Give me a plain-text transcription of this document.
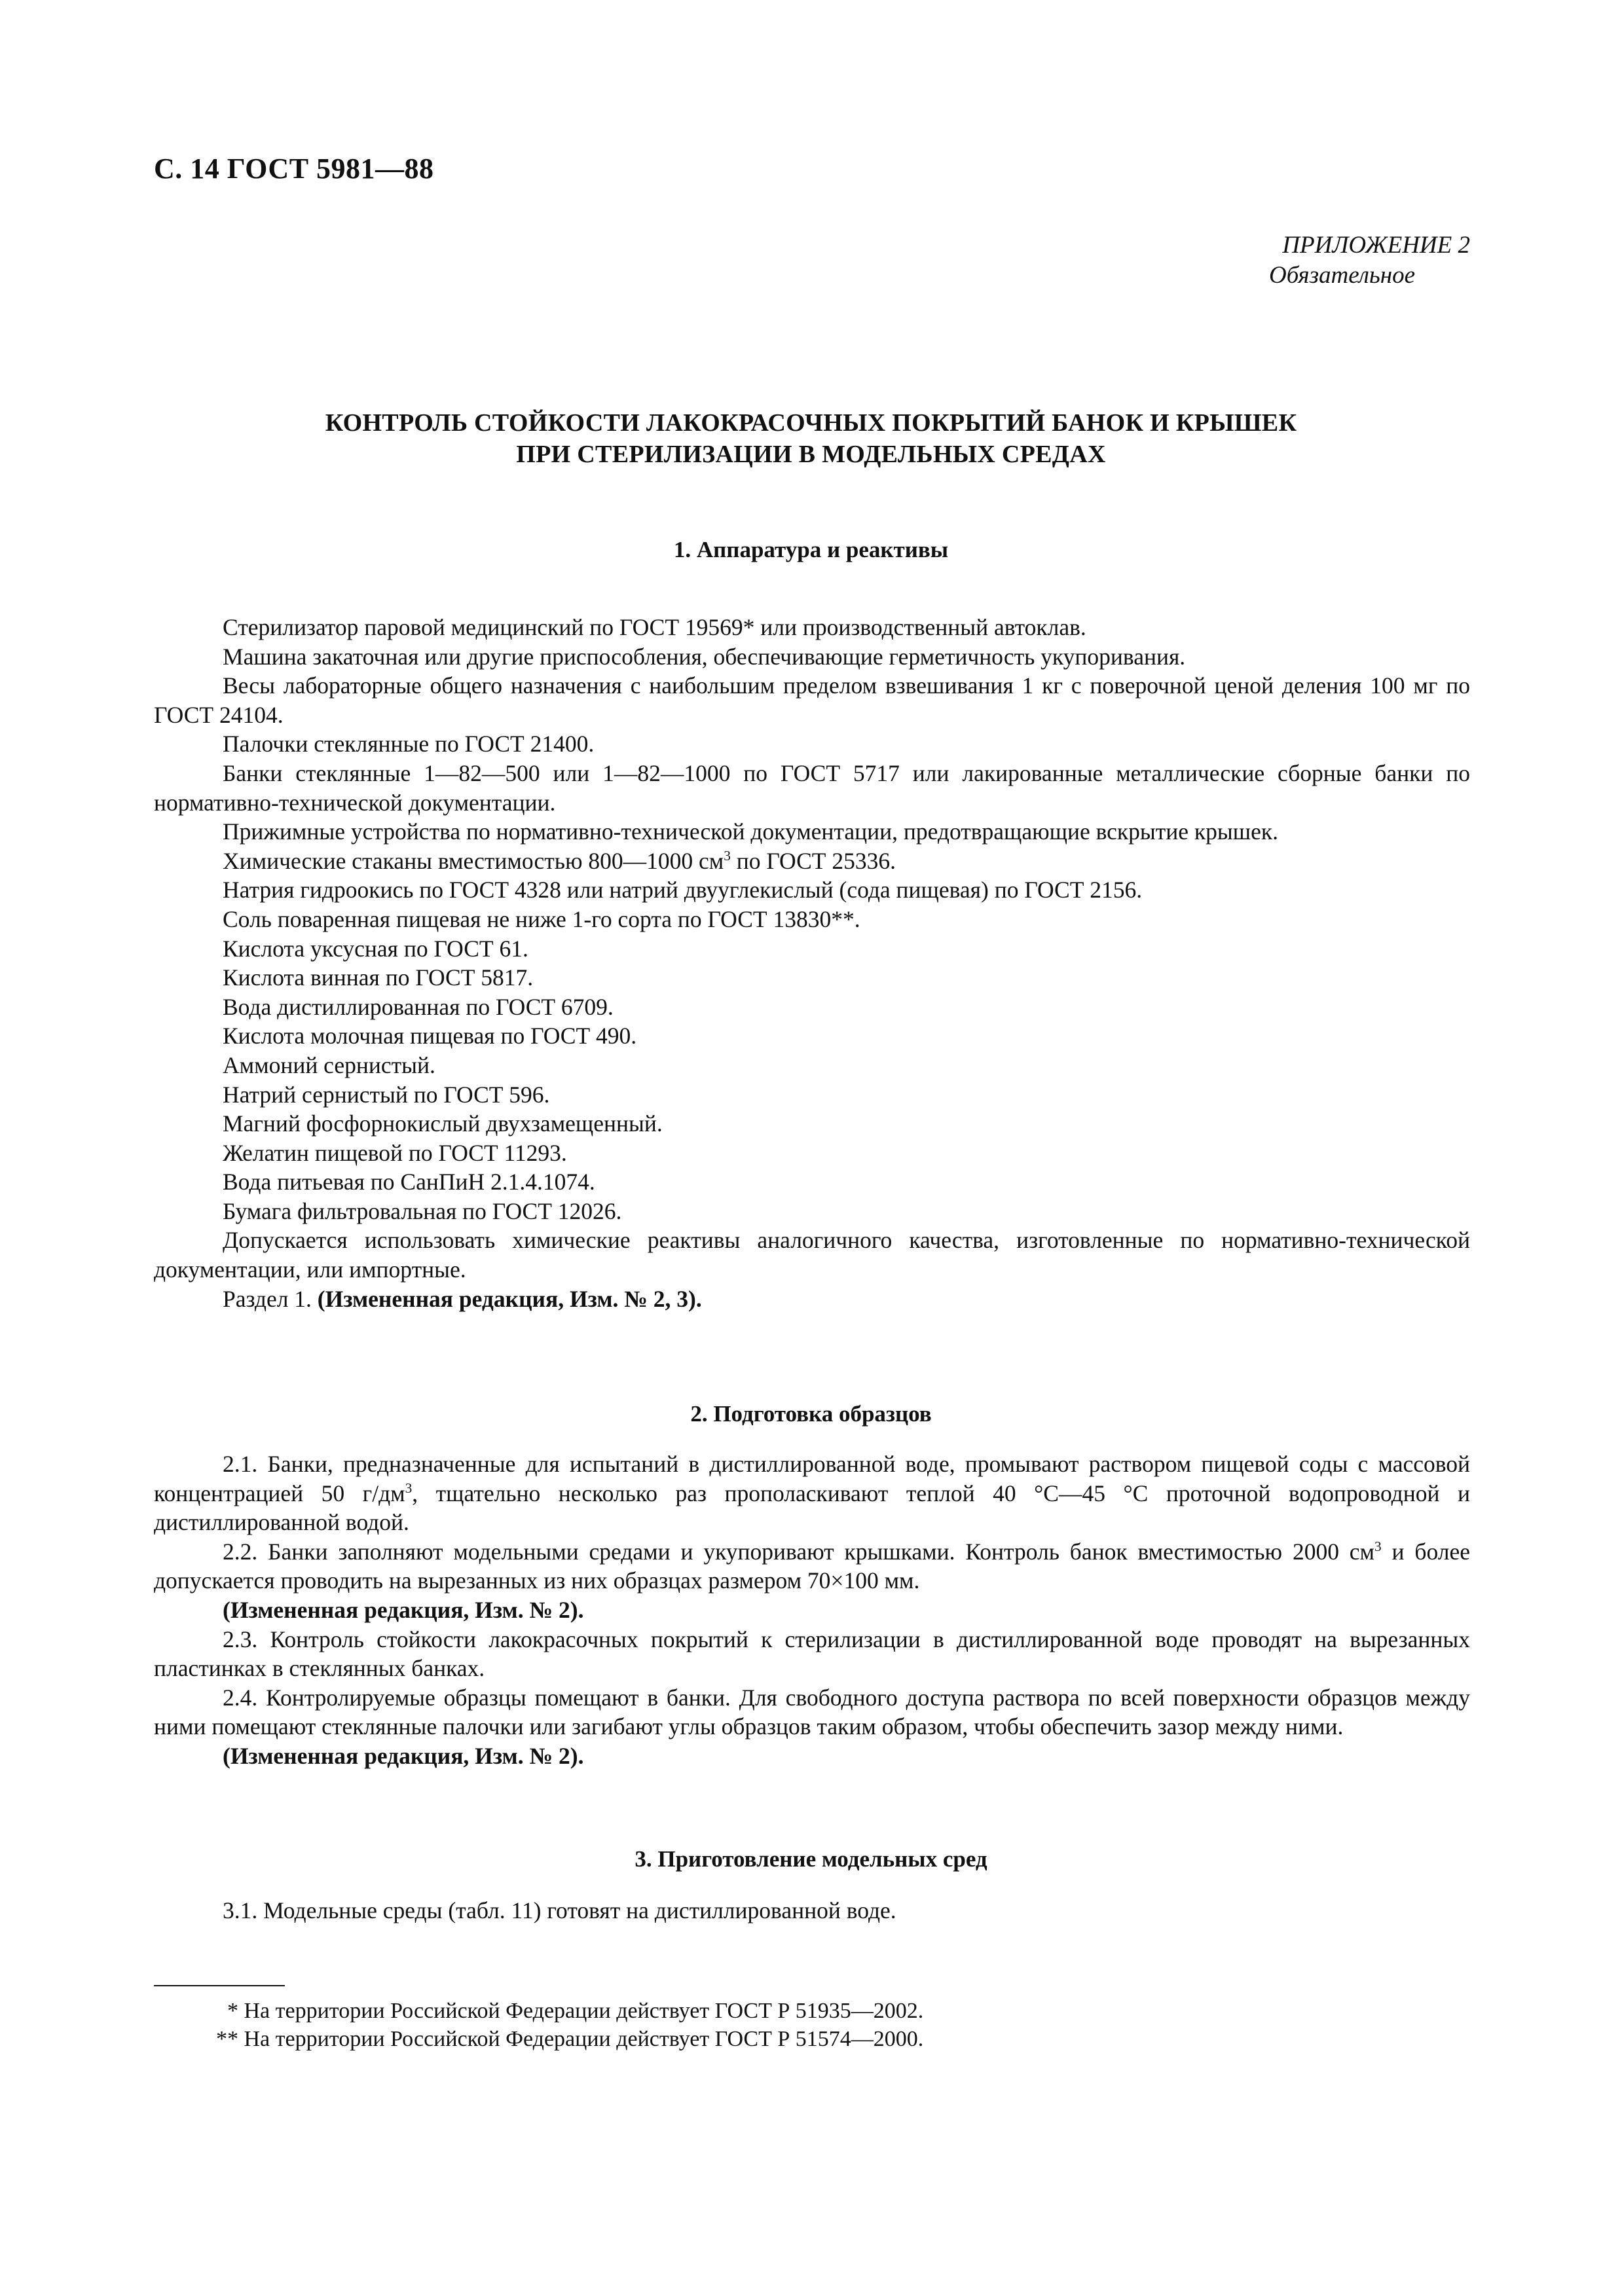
С. 14 ГОСТ 5981—88
ПРИЛОЖЕНИЕ 2
Обязательное
КОНТРОЛЬ СТОЙКОСТИ ЛАКОКРАСОЧНЫХ ПОКРЫТИЙ БАНОК И КРЫШЕК
ПРИ СТЕРИЛИЗАЦИИ В МОДЕЛЬНЫХ СРЕДАХ
1. Аппаратура и реактивы

Стерилизатор паровой медицинский по ГОСТ 19569* или производственный автоклав.

Машина закаточная или другие приспособления, обеспечивающие герметичность укупоривания.

Весы лабораторные общего назначения с наибольшим пределом взвешивания 1 кг с поверочной ценой деления 100 мг по ГОСТ 24104.

Палочки стеклянные по ГОСТ 21400.

Банки стеклянные 1—82—500 или 1—82—1000 по ГОСТ 5717 или лакированные металлические сборные банки по нормативно-технической документации.

Прижимные устройства по нормативно-технической документации, предотвращающие вскрытие крышек.

Химические стаканы вместимостью 800—1000 $см^3$ по ГОСТ 25336.

Натрия гидроокись по ГОСТ 4328 или натрий двууглекислый (сода пищевая) по ГОСТ 2156.

Соль поваренная пищевая не ниже 1-го сорта по ГОСТ 13830**.

Кислота уксусная по ГОСТ 61.

Кислота винная по ГОСТ 5817.

Вода дистиллированная по ГОСТ 6709.

Кислота молочная пищевая по ГОСТ 490.

Аммоний сернистый.

Натрий сернистый по ГОСТ 596.

Магний фосфорнокислый двухзамещенный.

Желатин пищевой по ГОСТ 11293.

Вода питьевая по СанПиН 2.1.4.1074.

Бумага фильтровальная по ГОСТ 12026.

Допускается использовать химические реактивы аналогичного качества, изготовленные по нормативно-технической документации, или импортные.

Раздел 1. (Измененная редакция, Изм. № 2, 3).

2. Подготовка образцов

2.1. Банки, предназначенные для испытаний в дистиллированной воде, промывают раствором пищевой соды с массовой концентрацией 50 $г/дм^3$, тщательно несколько раз прополаскивают теплой 40 °С—45 °С проточной водопроводной и дистиллированной водой.

2.2. Банки заполняют модельными средами и укупоривают крышками. Контроль банок вместимостью 2000 $см^3$ и более допускается проводить на вырезанных из них образцах размером 70×100 мм.

(Измененная редакция, Изм. № 2).

2.3. Контроль стойкости лакокрасочных покрытий к стерилизации в дистиллированной воде проводят на вырезанных пластинках в стеклянных банках.

2.4. Контролируемые образцы помещают в банки. Для свободного доступа раствора по всей поверхности образцов между ними помещают стеклянные палочки или загибают углы образцов таким образом, чтобы обеспечить зазор между ними.

(Измененная редакция, Изм. № 2).

3. Приготовление модельных сред

3.1. Модельные среды (табл. 11) готовят на дистиллированной воде.

* На территории Российской Федерации действует ГОСТ Р 51935—2002.
** На территории Российской Федерации действует ГОСТ Р 51574—2000.
